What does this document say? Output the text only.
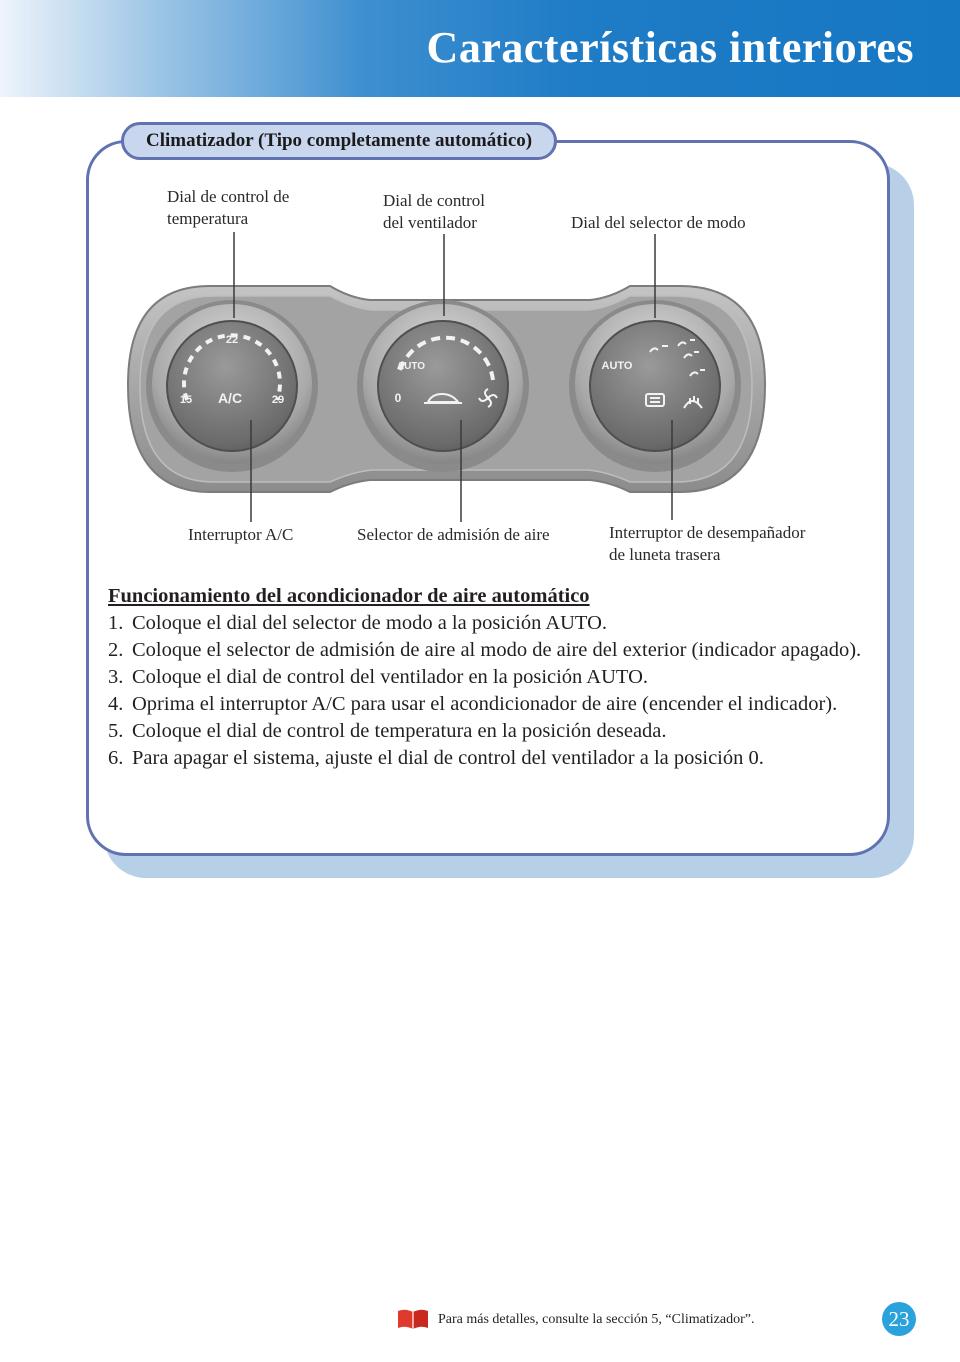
Características interiores
Climatizador (Tipo completamente automático)
Dial de control de
temperatura
Dial de control
del ventilador	Dial del selector de modo
Interruptor A/C	Selector de admisión de aire	Interruptor de desempañador
de luneta trasera
15
22
29
A/C
AUTO
0
AUTO
Funcionamiento del acondicionador de aire automático
1. Coloque el dial del selector de modo a la posición AUTO.
2. Coloque el selector de admisión de aire al modo de aire del exterior (indicador apagado).
3. Coloque el dial de control del ventilador en la posición AUTO.
4. Oprima el interruptor A/C para usar el acondicionador de aire (encender el indicador).
5. Coloque el dial de control de temperatura en la posición deseada.
6. Para apagar el sistema, ajuste el dial de control del ventilador a la posición 0.
Para más detalles, consulte la sección 5, “Climatizador”.	23
